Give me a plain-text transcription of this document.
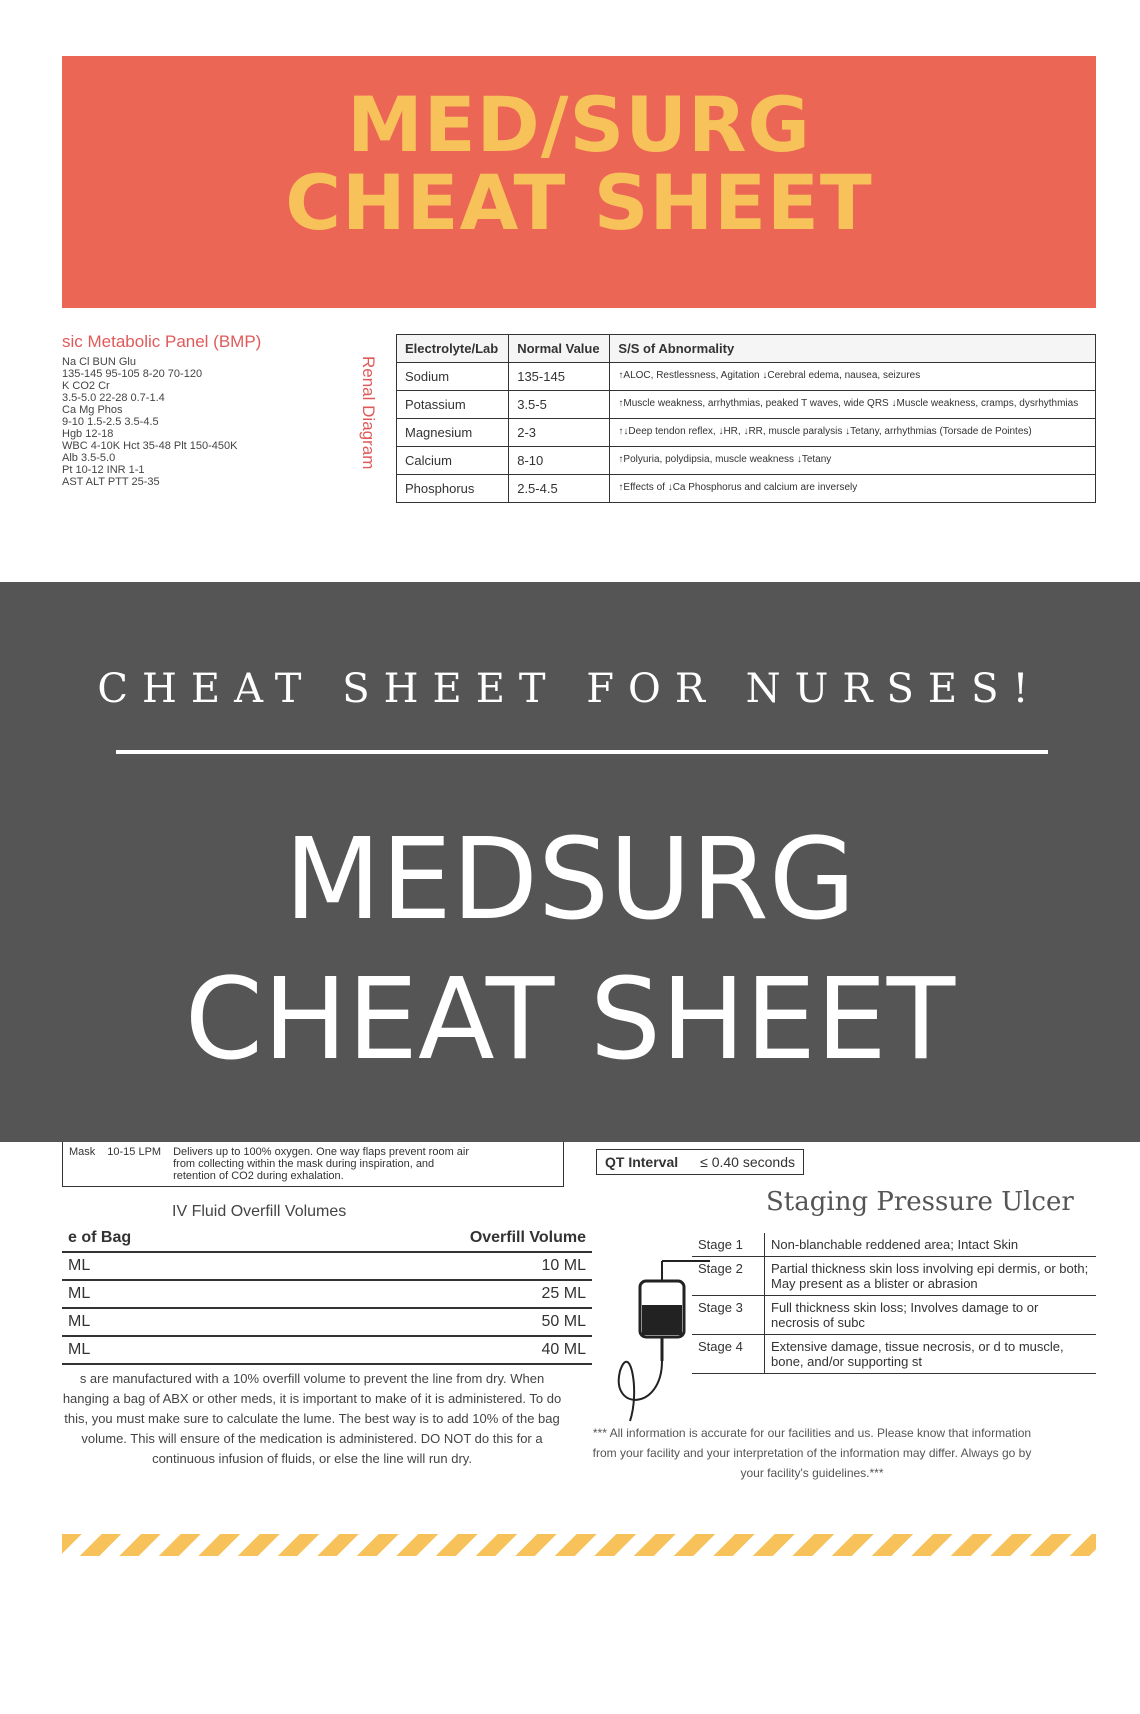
MED/SURG
CHEAT SHEET
sic Metabolic Panel (BMP)
Na Cl BUN Glu
135-145 95-105 8-20 70-120
K CO2 Cr
3.5-5.0 22-28 0.7-1.4
Ca Mg Phos
9-10 1.5-2.5 3.5-4.5
Hgb 12-18
WBC 4-10K Hct 35-48 Plt 150-450K
Alb 3.5-5.0
Pt 10-12 INR 1-1
AST ALT PTT 25-35
Renal Diagram
Electrolyte/Lab	Normal Value	S/S of Abnormality
Sodium	135-145	↑ALOC, Restlessness, Agitation ↓Cerebral edema, nausea, seizures
Potassium	3.5-5	↑Muscle weakness, arrhythmias, peaked T waves, wide QRS ↓Muscle weakness, cramps, dysrhythmias
Magnesium	2-3	↑↓Deep tendon reflex, ↓HR, ↓RR, muscle paralysis ↓Tetany, arrhythmias (Torsade de Pointes)
Calcium	8-10	↑Polyuria, polydipsia, muscle weakness ↓Tetany
Phosphorus	2.5-4.5	↑Effects of ↓Ca Phosphorus and calcium are inversely
Mask 10-15 LPM Delivers up to 100% oxygen. One way flaps prevent room air from collecting within the mask during inspiration, and retention of CO2 during exhalation.
QT Interval ≤ 0.40 seconds
IV Fluid Overfill Volumes
e of Bag	Overfill Volume
ML	10 ML
ML	25 ML
ML	50 ML
ML	40 ML
s are manufactured with a 10% overfill volume to prevent the line from dry. When hanging a bag of ABX or other meds, it is important to make of it is administered. To do this, you must make sure to calculate the lume. The best way is to add 10% of the bag volume. This will ensure of the medication is administered. DO NOT do this for a continuous infusion of fluids, or else the line will run dry.
Staging Pressure Ulcer
Stage 1	Non-blanchable reddened area; Intact Skin
Stage 2	Partial thickness skin loss involving epi dermis, or both; May present as a blister or abrasion
Stage 3	Full thickness skin loss; Involves damage to or necrosis of subc
Stage 4	Extensive damage, tissue necrosis, or d to muscle, bone, and/or supporting st
*** All information is accurate for our facilities and us. Please know that information from your facility and your interpretation of the information may differ. Always go by your facility's guidelines.***
CHEAT SHEET FOR NURSES!
MEDSURG
CHEAT SHEET
